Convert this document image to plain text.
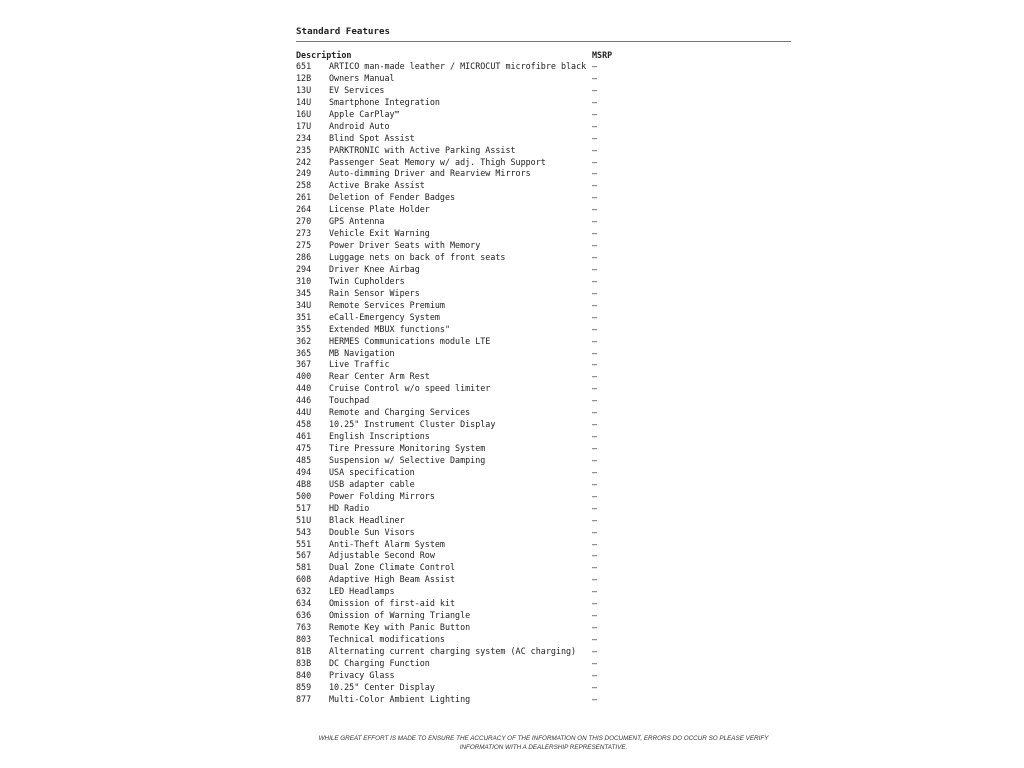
Standard Features
Description	MSRP
651	ARTICO man-made leather / MICROCUT microfibre black —
12B	Owners Manual	—
13U	EV Services	—
14U	Smartphone Integration	—
16U	Apple CarPlay™	—
17U	Android Auto	—
234	Blind Spot Assist	—
235	PARKTRONIC with Active Parking Assist	—
242	Passenger Seat Memory w/ adj. Thigh Support	—
249	Auto-dimming Driver and Rearview Mirrors	—
258	Active Brake Assist	—
261	Deletion of Fender Badges	—
264	License Plate Holder	—
270	GPS Antenna	—
273	Vehicle Exit Warning	—
275	Power Driver Seats with Memory	—
286	Luggage nets on back of front seats	—
294	Driver Knee Airbag	—
310	Twin Cupholders	—
345	Rain Sensor Wipers	—
34U	Remote Services Premium	—
351	eCall-Emergency System	—
355	Extended MBUX functions"	—
362	HERMES Communications module LTE	—
365	MB Navigation	—
367	Live Traffic	—
400	Rear Center Arm Rest	—
440	Cruise Control w/o speed limiter	—
446	Touchpad	—
44U	Remote and Charging Services	—
458	10.25" Instrument Cluster Display	—
461	English Inscriptions	—
475	Tire Pressure Monitoring System	—
485	Suspension w/ Selective Damping	—
494	USA specification	—
4B8	USB adapter cable	—
500	Power Folding Mirrors	—
517	HD Radio	—
51U	Black Headliner	—
543	Double Sun Visors	—
551	Anti-Theft Alarm System	—
567	Adjustable Second Row	—
581	Dual Zone Climate Control	—
608	Adaptive High Beam Assist	—
632	LED Headlamps	—
634	Omission of first-aid kit	—
636	Omission of Warning Triangle	—
763	Remote Key with Panic Button	—
803	Technical modifications	—
81B	Alternating current charging system (AC charging)	—
83B	DC Charging Function	—
840	Privacy Glass	—
859	10.25" Center Display	—
877	Multi-Color Ambient Lighting	—

WHILE GREAT EFFORT IS MADE TO ENSURE THE ACCURACY OF THE INFORMATION ON THIS DOCUMENT, ERRORS DO OCCUR SO PLEASE VERIFY INFORMATION WITH A DEALERSHIP REPRESENTATIVE.
